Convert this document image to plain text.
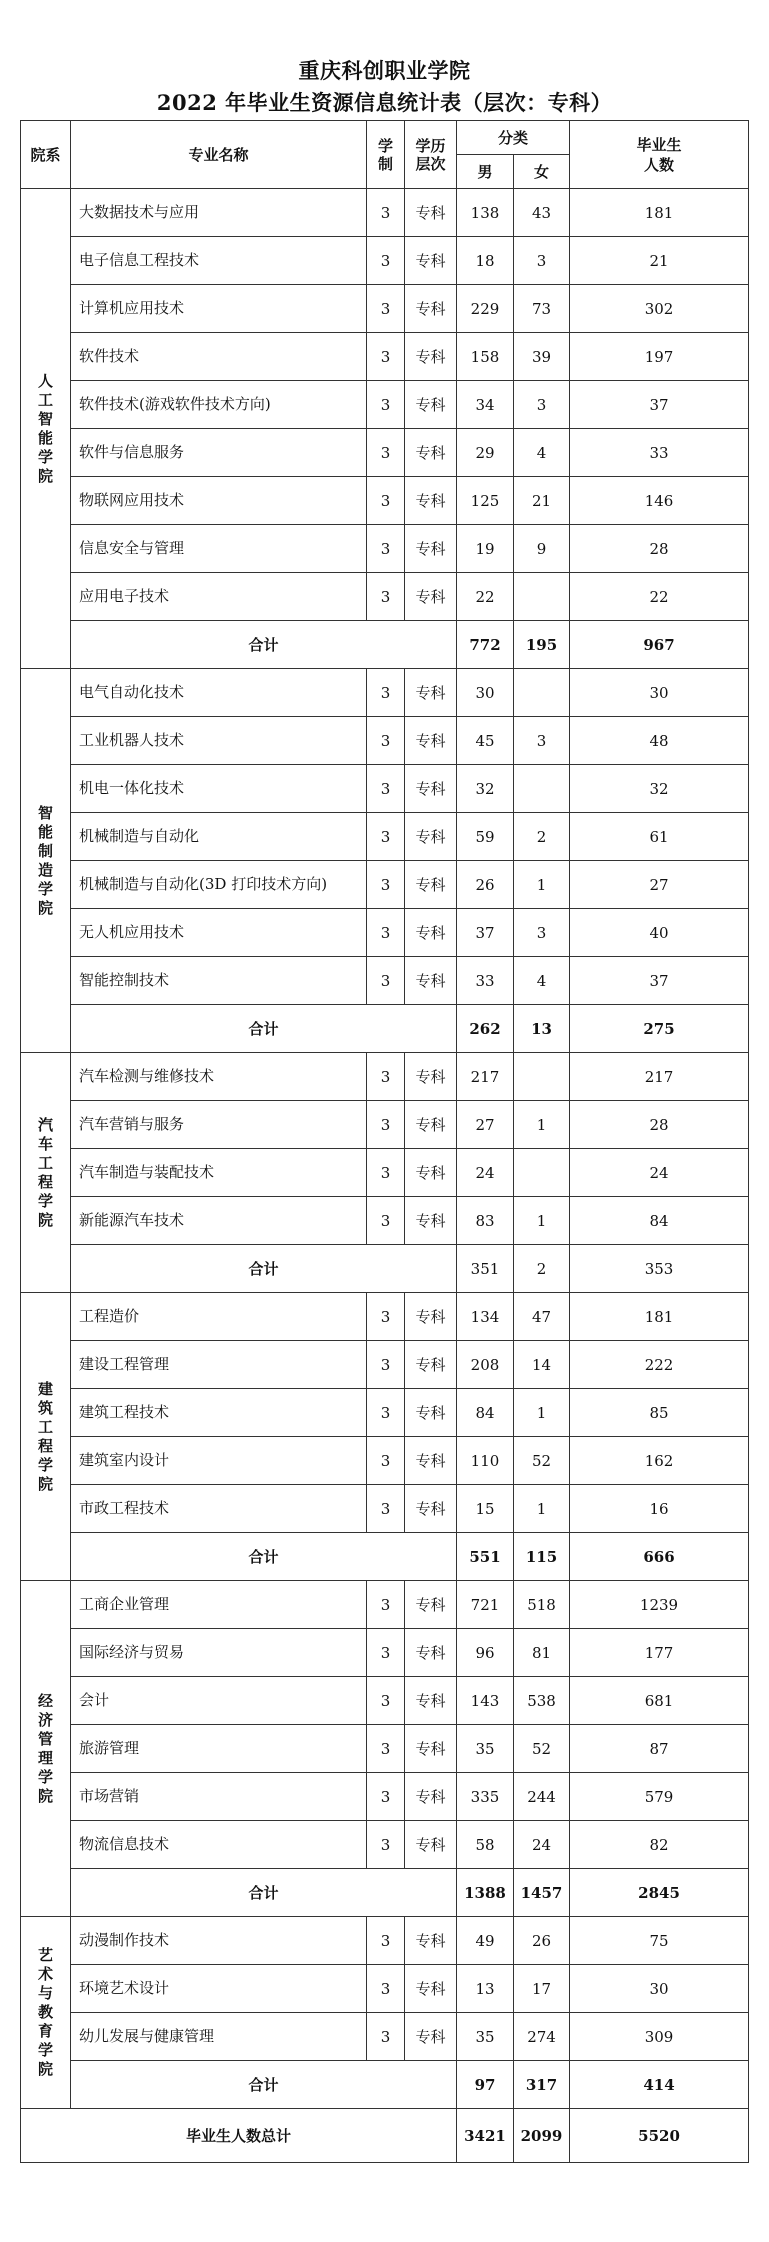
重庆科创职业学院
2022 年毕业生资源信息统计表（层次：专科）
院系	专业名称	学制	学历层次	分类		毕业生人数
				男	女	
人工智能学院	大数据技术与应用	3	专科	138	43	181
	电子信息工程技术	3	专科	18	3	21
	计算机应用技术	3	专科	229	73	302
	软件技术	3	专科	158	39	197
	软件技术(游戏软件技术方向)	3	专科	34	3	37
	软件与信息服务	3	专科	29	4	33
	物联网应用技术	3	专科	125	21	146
	信息安全与管理	3	专科	19	9	28
	应用电子技术	3	专科	22		22
	合计			772	195	967
智能制造学院	电气自动化技术	3	专科	30		30
	工业机器人技术	3	专科	45	3	48
	机电一体化技术	3	专科	32		32
	机械制造与自动化	3	专科	59	2	61
	机械制造与自动化(3D 打印技术方向)	3	专科	26	1	27
	无人机应用技术	3	专科	37	3	40
	智能控制技术	3	专科	33	4	37
	合计			262	13	275
汽车工程学院	汽车检测与维修技术	3	专科	217		217
	汽车营销与服务	3	专科	27	1	28
	汽车制造与装配技术	3	专科	24		24
	新能源汽车技术	3	专科	83	1	84
	合计			351	2	353
建筑工程学院	工程造价	3	专科	134	47	181
	建设工程管理	3	专科	208	14	222
	建筑工程技术	3	专科	84	1	85
	建筑室内设计	3	专科	110	52	162
	市政工程技术	3	专科	15	1	16
	合计			551	115	666
经济管理学院	工商企业管理	3	专科	721	518	1239
	国际经济与贸易	3	专科	96	81	177
	会计	3	专科	143	538	681
	旅游管理	3	专科	35	52	87
	市场营销	3	专科	335	244	579
	物流信息技术	3	专科	58	24	82
	合计			1388	1457	2845
艺术与教育学院	动漫制作技术	3	专科	49	26	75
	环境艺术设计	3	专科	13	17	30
	幼儿发展与健康管理	3	专科	35	274	309
	合计			97	317	414
毕业生人数总计				3421	2099	5520
